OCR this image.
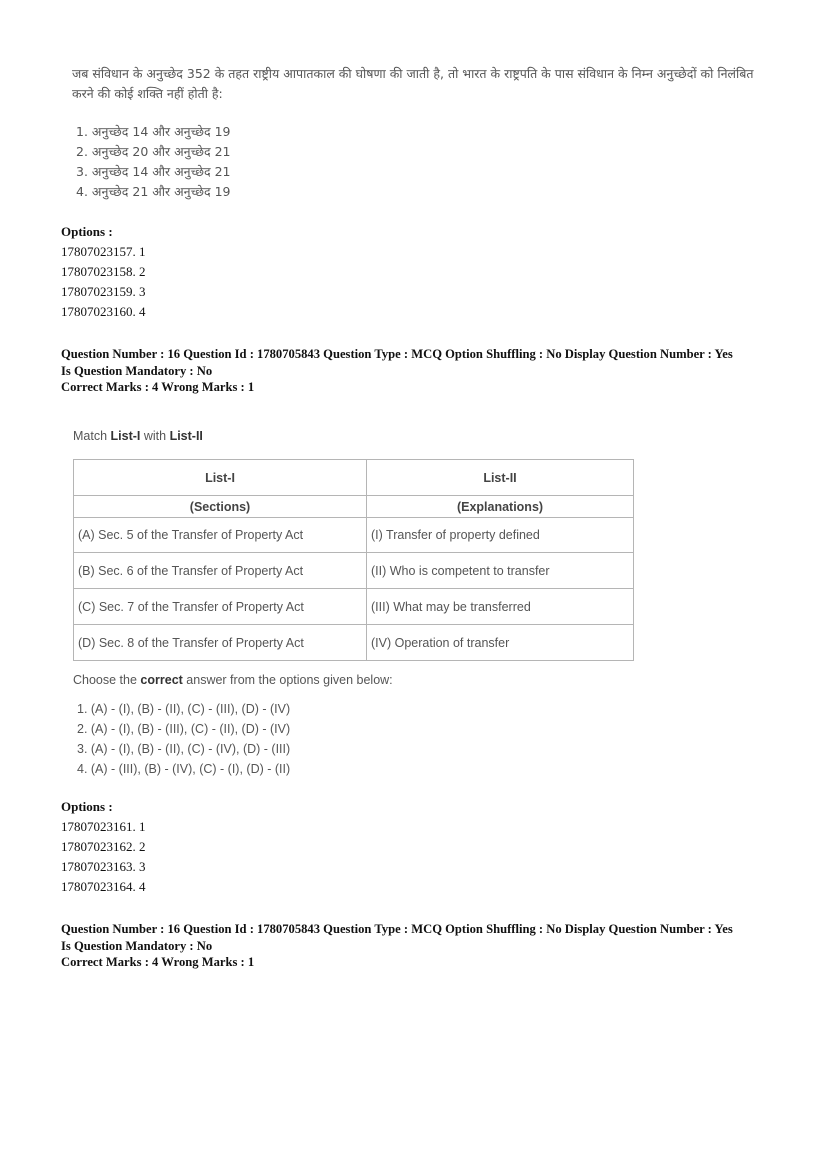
जब संविधान के अनुच्छेद 352 के तहत राष्ट्रीय आपातकाल की घोषणा की जाती है, तो भारत के राष्ट्रपति के पास संविधान के निम्न अनुच्छेदों को निलंबित करने की कोई शक्ति नहीं होती है:

1. अनुच्छेद 14 और अनुच्छेद 19
2. अनुच्छेद 20 और अनुच्छेद 21
3. अनुच्छेद 14 और अनुच्छेद 21
4. अनुच्छेद 21 और अनुच्छेद 19
Options :
17807023157. 1
17807023158. 2
17807023159. 3
17807023160. 4
Question Number : 16 Question Id : 1780705843 Question Type : MCQ Option Shuffling : No Display Question Number : Yes
Is Question Mandatory : No
Correct Marks : 4 Wrong Marks : 1

Match List-I with List-II

List-I	List-II
(Sections)	(Explanations)
(A) Sec. 5 of the Transfer of Property Act	(I) Transfer of property defined
(B) Sec. 6 of the Transfer of Property Act	(II) Who is competent to transfer
(C) Sec. 7 of the Transfer of Property Act	(III) What may be transferred
(D) Sec. 8 of the Transfer of Property Act	(IV) Operation of transfer

Choose the correct answer from the options given below:

1. (A) - (I), (B) - (II), (C) - (III), (D) - (IV)
2. (A) - (I), (B) - (III), (C) - (II), (D) - (IV)
3. (A) - (I), (B) - (II), (C) - (IV), (D) - (III)
4. (A) - (III), (B) - (IV), (C) - (I), (D) - (II)
Options :
17807023161. 1
17807023162. 2
17807023163. 3
17807023164. 4
Question Number : 16 Question Id : 1780705843 Question Type : MCQ Option Shuffling : No Display Question Number : Yes
Is Question Mandatory : No
Correct Marks : 4 Wrong Marks : 1
